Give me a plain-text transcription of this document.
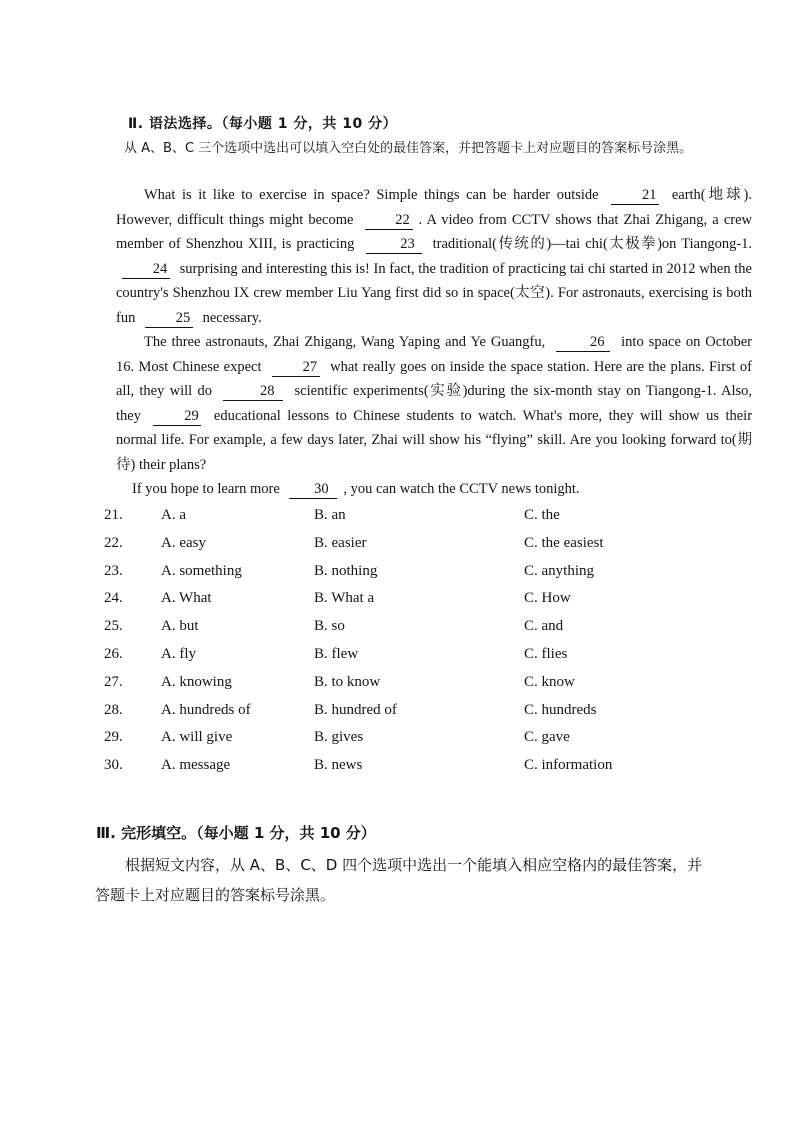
Ⅱ. 语法选择。（每小题 1 分，共 10 分）
从 A、B、C 三个选项中选出可以填入空白处的最佳答案，并把答题卡上对应题目的答案标号涂黑。

What is it like to exercise in space? Simple things can be harder outside	21 earth(地球). However, difficult things might become	22 . A video from CCTV shows that Zhai Zhigang, a crew member of Shenzhou XIII, is practicing	23 traditional(传统的)—tai chi(太极拳)on Tiangong-1. 24 surprising and interesting this is! In fact, the tradition of practicing tai chi started in 2012 when the country's Shenzhou IX crew member Liu Yang first did so in space(太空). For astronauts, exercising is both fun	25 necessary.

The three astronauts, Zhai Zhigang, Wang Yaping and Ye Guangfu,	26 into space on October 16. Most Chinese expect	27 what really goes on inside the space station. Here are the plans. First of all, they will do	28 scientific experiments(实验)during the six-month stay on Tiangong-1. Also, they	29 educational lessons to Chinese students to watch. What's more, they will show us their normal life. For example, a few days later, Zhai will show his “flying” skill. Are you looking forward to(期待) their plans?

If you hope to learn more 30 , you can watch the CCTV news tonight.

21.	A. a	B. an	C. the
22.	A. easy	B. easier	C. the easiest
23.	A. something	B. nothing	C. anything
24.	A. What	B. What a	C. How
25.	A. but	B. so	C. and
26.	A. fly	B. flew	C. flies
27.	A. knowing	B. to know	C. know
28.	A. hundreds of	B. hundred of	C. hundreds
29.	A. will give	B. gives	C. gave
30.	A. message	B. news	C. information
Ⅲ. 完形填空。（每小题 1 分，共 10 分）
根据短文内容，从 A、B、C、D 四个选项中选出一个能填入相应空格内的最佳答案，并
答题卡上对应题目的答案标号涂黑。
